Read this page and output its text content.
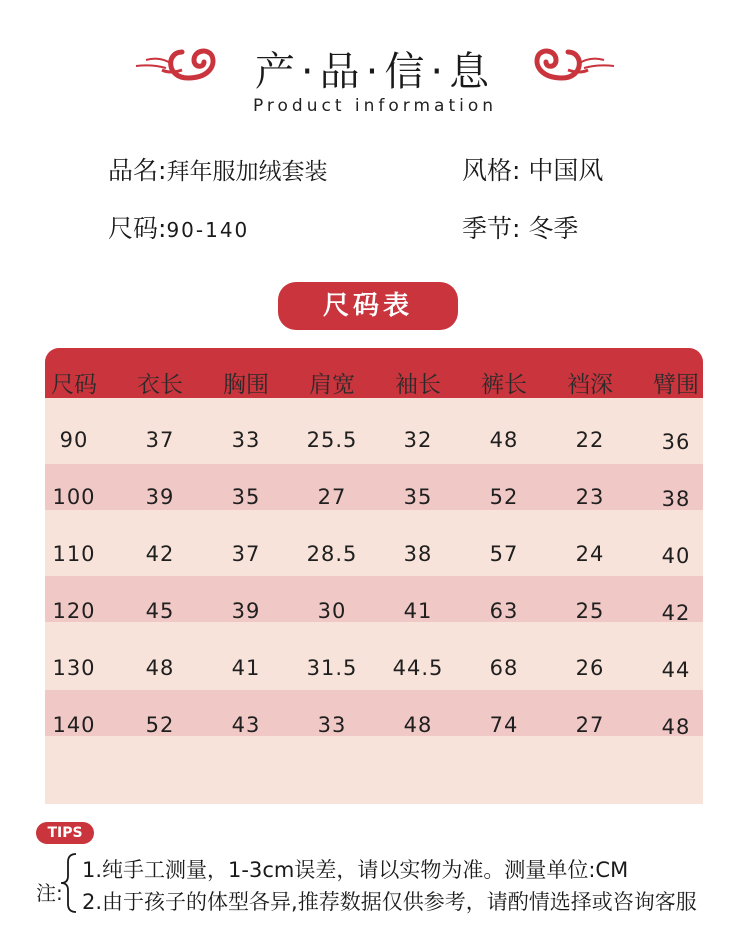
产·品·信·息
Product information
品名:拜年服加绒套装	风格: 中国风
尺码:90-140	季节: 冬季
尺码表
尺码	衣长	胸围	肩宽	袖长	裤长	裆深	臂围
90	37	33	25.5	32	48	22	36
100	39	35	27	35	52	23	38
110	42	37	28.5	38	57	24	40
120	45	39	30	41	63	25	42
130	48	41	31.5	44.5	68	26	44
140	52	43	33	48	74	27	48
TIPS
注:
1.纯手工测量，1-3cm误差，请以实物为准。测量单位:CM
2.由于孩子的体型各异,推荐数据仅供参考，请酌情选择或咨询客服
